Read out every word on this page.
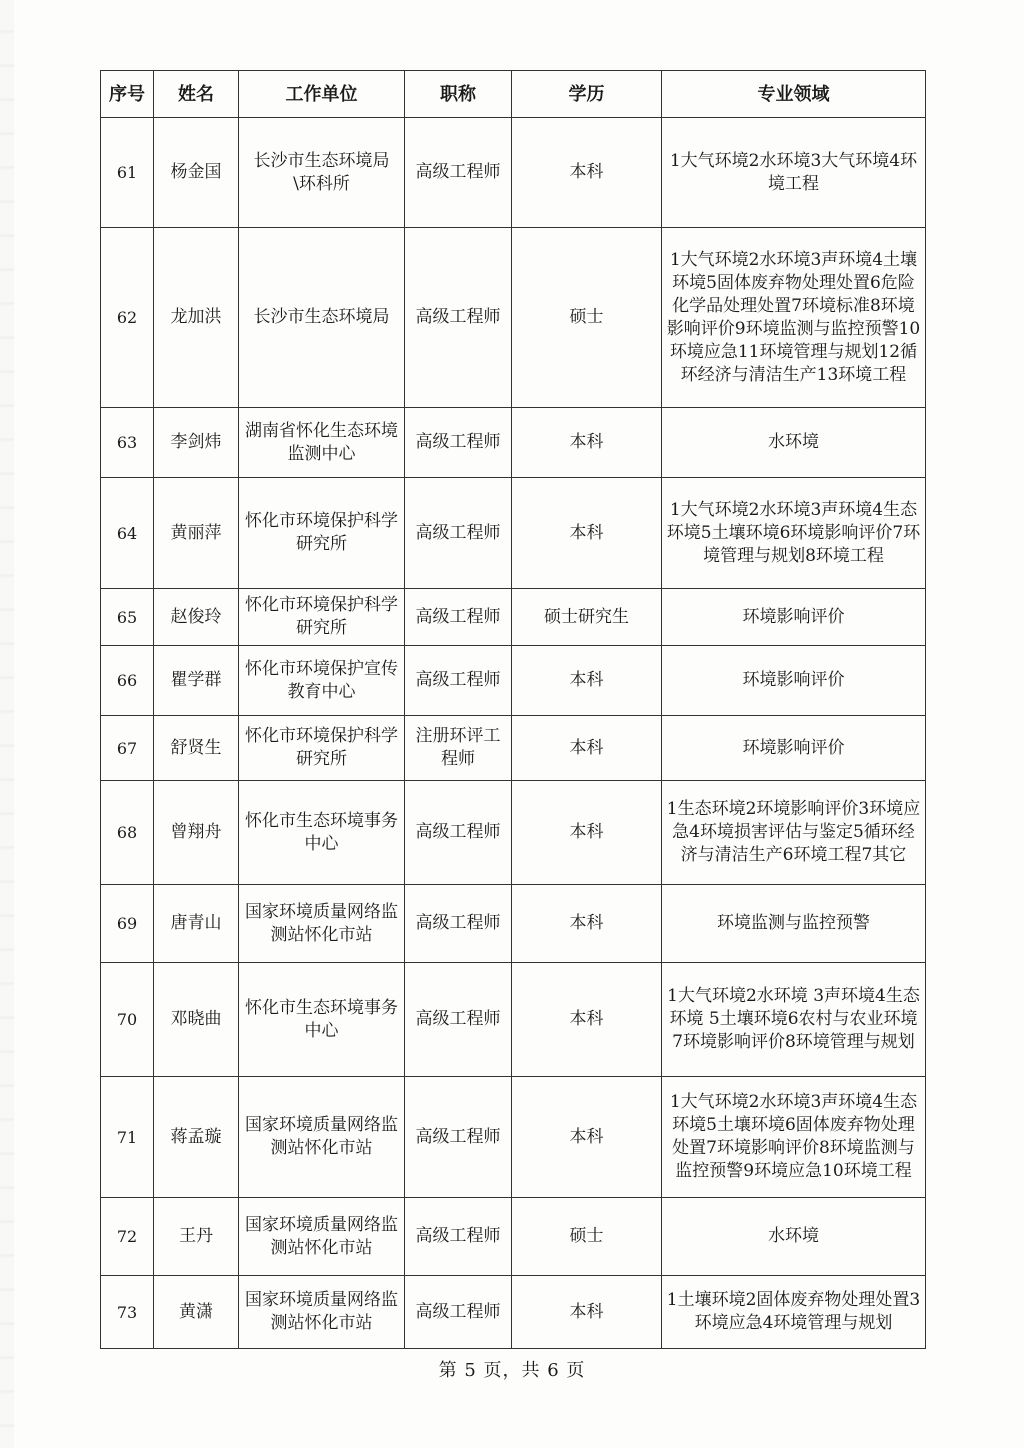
序号	姓名	工作单位	职称	学历	专业领域
61	杨金国	长沙市生态环境局\环科所	高级工程师	本科	1大气环境2水环境3大气环境4环境工程
62	龙加洪	长沙市生态环境局	高级工程师	硕士	1大气环境2水环境3声环境4土壤环境5固体废弃物处理处置6危险化学品处理处置7环境标准8环境影响评价9环境监测与监控预警10环境应急11环境管理与规划12循环经济与清洁生产13环境工程
63	李剑炜	湖南省怀化生态环境监测中心	高级工程师	本科	水环境
64	黄丽萍	怀化市环境保护科学研究所	高级工程师	本科	1大气环境2水环境3声环境4生态环境5土壤环境6环境影响评价7环境管理与规划8环境工程
65	赵俊玲	怀化市环境保护科学研究所	高级工程师	硕士研究生	环境影响评价
66	瞿学群	怀化市环境保护宣传教育中心	高级工程师	本科	环境影响评价
67	舒贤生	怀化市环境保护科学研究所	注册环评工程师	本科	环境影响评价
68	曾翔舟	怀化市生态环境事务中心	高级工程师	本科	1生态环境2环境影响评价3环境应急4环境损害评估与鉴定5循环经济与清洁生产6环境工程7其它
69	唐青山	国家环境质量网络监测站怀化市站	高级工程师	本科	环境监测与监控预警
70	邓晓曲	怀化市生态环境事务中心	高级工程师	本科	1大气环境2水环境 3声环境4生态环境 5土壤环境6农村与农业环境7环境影响评价8环境管理与规划
71	蒋孟璇	国家环境质量网络监测站怀化市站	高级工程师	本科	1大气环境2水环境3声环境4生态环境5土壤环境6固体废弃物处理处置7环境影响评价8环境监测与监控预警9环境应急10环境工程
72	王丹	国家环境质量网络监测站怀化市站	高级工程师	硕士	水环境
73	黄潇	国家环境质量网络监测站怀化市站	高级工程师	本科	1土壤环境2固体废弃物处理处置3环境应急4环境管理与规划
第 5 页，共 6 页
